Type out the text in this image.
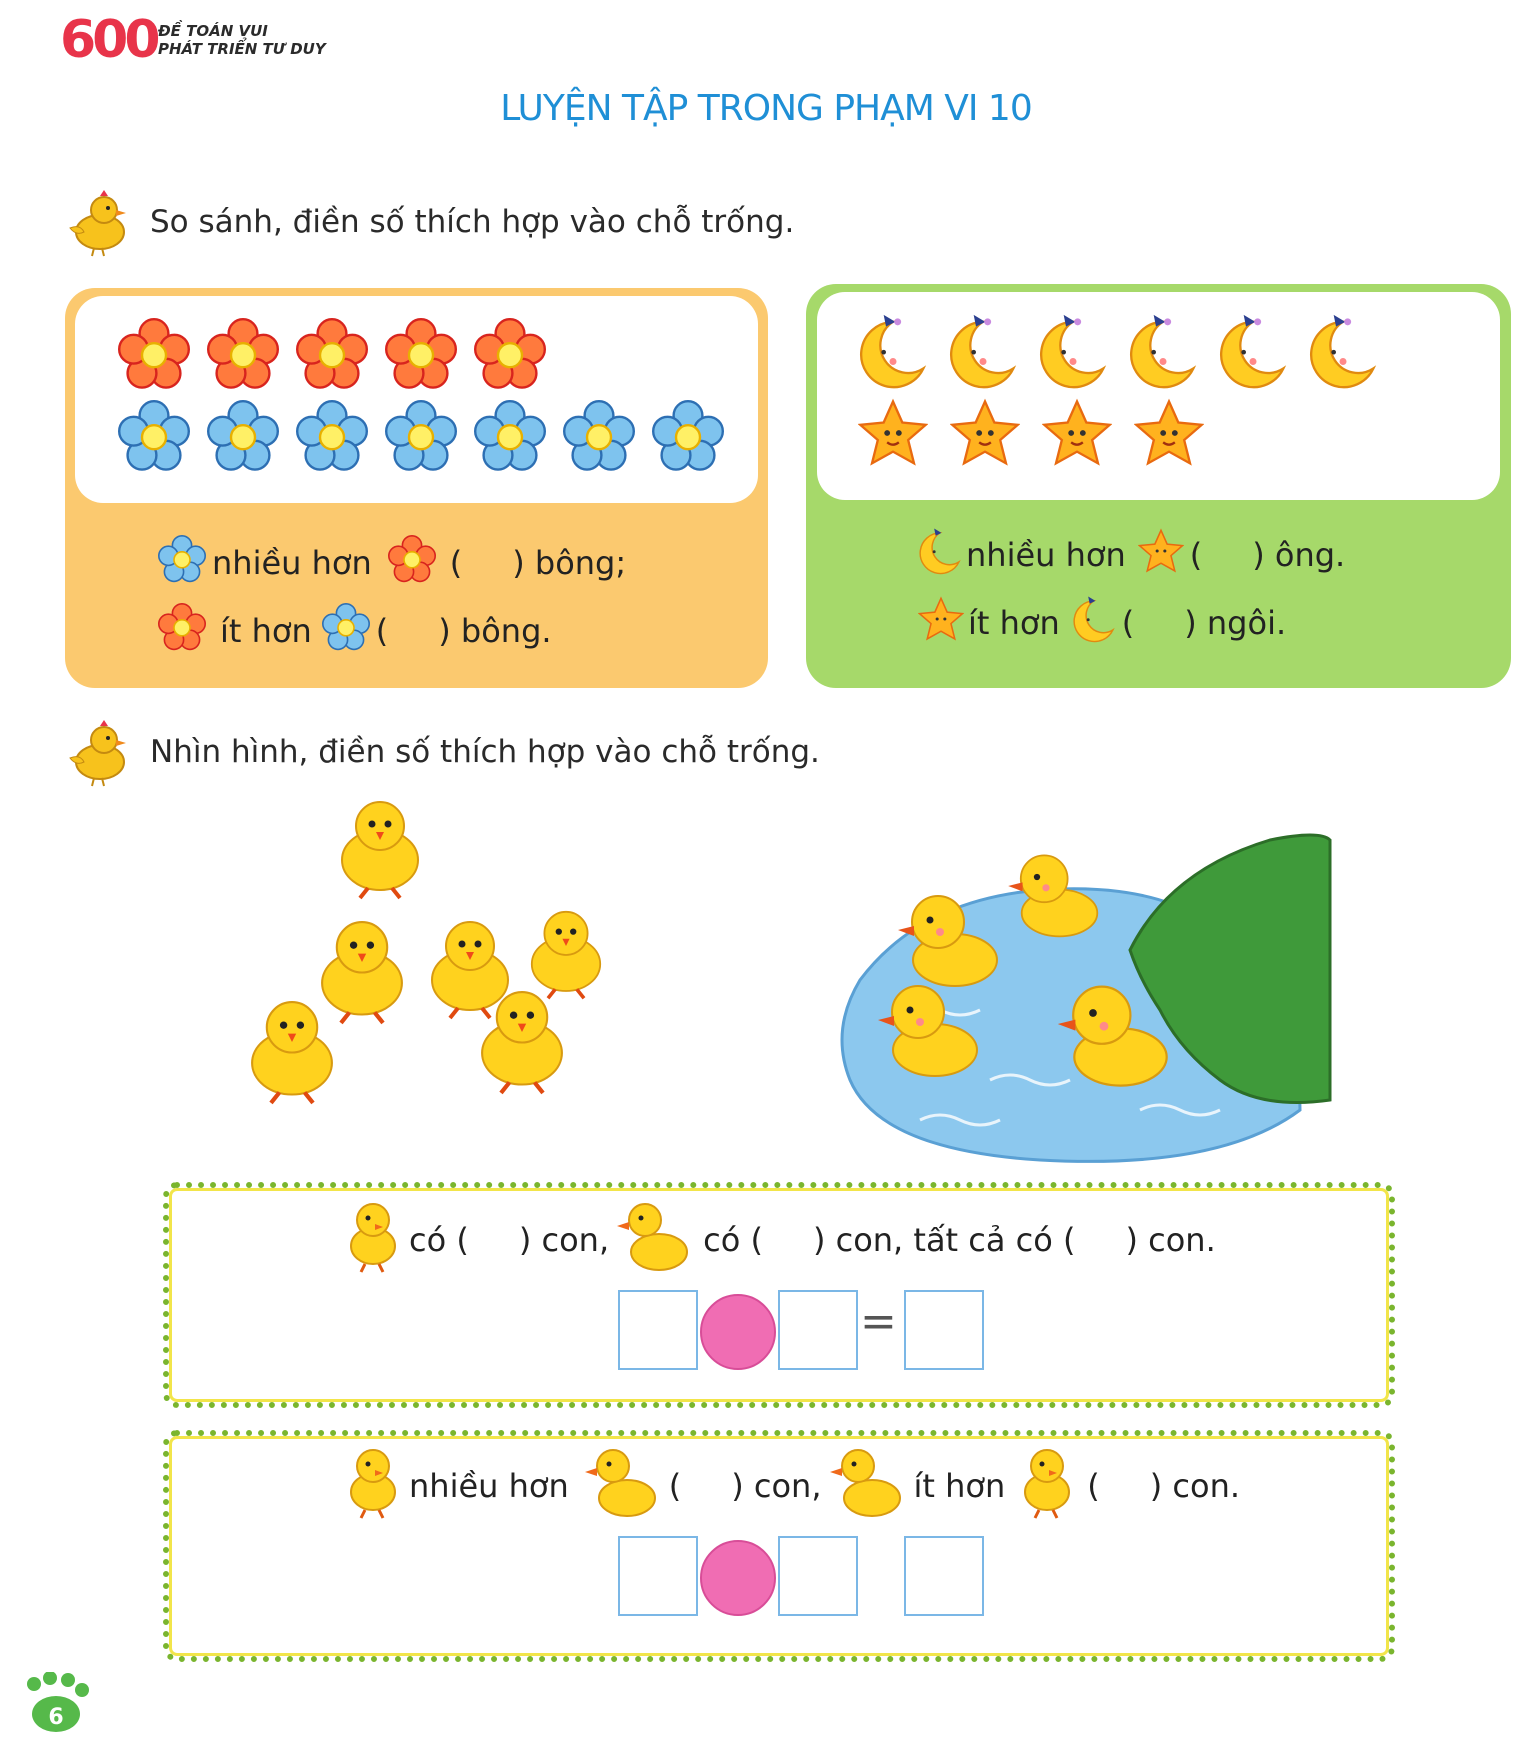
600 ĐỀ TOÁN VUI
PHÁT TRIỂN TƯ DUY
LUYỆN TẬP TRONG PHẠM VI 10
So sánh, điền số thích hợp vào chỗ trống.
nhiều hơn ( ) bông;
ít hơn ( ) bông.
nhiều hơn ( ) ông.
ít hơn ( ) ngôi.
Nhìn hình, điền số thích hợp vào chỗ trống.
có ( ) con,	có ( ) con, tất cả có ( ) con.
=
nhiều hơn	( ) con,	ít hơn	( ) con.
6
